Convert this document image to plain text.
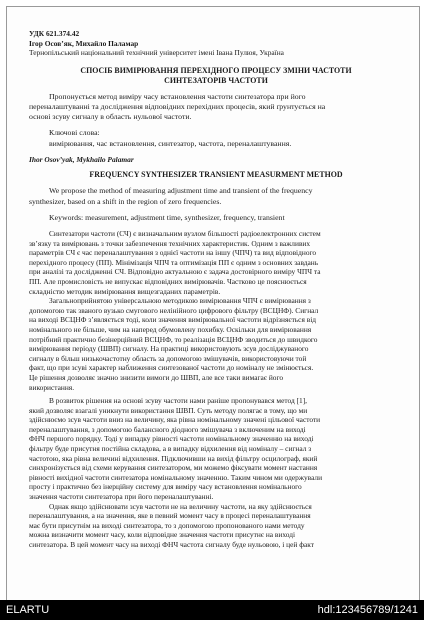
УДК 621.374.42
Ігор Осов’як, Михайло Паламар
Тернопільський національний технічний університет імені Івана Пулюя, Україна
СПОСІБ ВИМІРЮВАННЯ ПЕРЕХІДНОГО ПРОЦЕСУ ЗМІНИ ЧАСТОТИ
СИНТЕЗАТОРІВ ЧАСТОТИ
Пропонується метод виміру часу встановлення частоти синтезатора при його
переналаштуванні та дослідження відповідних перехідних процесів, який ґрунтується на
основі зсуву сигналу в область нульової частоти.
Ключові слова:
вимірювання, час встановлення, синтезатор, частота, переналаштування.
Ihor Osov’yak, Mykhailo Palamar
FREQUENCY SYNTHESIZER TRANSIENT MEASURMENT METHOD
We propose the method of measuring adjustment time and transient of the frequency
synthesizer, based on a shift in the region of zero frequencies.
Keywords: measurement, adjustment time, synthesizer, frequency, transient
Синтезатори частоти (СЧ) є визначальним вузлом більшості радіоелектронних систем
зв’язку та вимірювань з точки забезпечення технічних характеристик. Одним з важливих
параметрів СЧ є час переналаштування з однієї частоти на іншу (ЧПЧ) та вид відповідного
перехідного процесу (ПП). Мінімізація ЧПЧ та оптимізація ПП є одним з основних завдань
при аналізі та дослідженні СЧ. Відповідно актуальною є задача достовірного виміру ЧПЧ та
ПП. Але промисловість не випускає відповідних вимірювачів. Частково це пояснюється
складністю методик вимірювання вищезгаданих параметрів.
Загальноприйнятою універсальною методикою вимірювання ЧПЧ є вимірювання з
допомогою так званого вузько смугового нелінійного цифрового фільтру (ВСЦНФ). Сигнал
на виході ВСЦНФ з’являється тоді, коли значення вимірювальної частоти відрізняється від
номінального не більше, чим на наперед обумовлену похибку. Оскільки для вимірювання
потрібний практично безінерційний ВСЦНФ, то реалізація ВСЦНФ зводиться до швидкого
вимірювання періоду (ШВП) сигналу. На практиці використовують зсув досліджуваного
сигналу в більш низькочастотну область за допомогою змішувачів, використовуючи той
факт, що при зсуві характер наближення синтезованої частоти до номіналу не змінюється.
Це рішення дозволяє значно знизити вимоги до ШВП, але все таки вимагає його
використання.
В розвиток рішення на основі зсуву частоти нами раніше пропонувався метод [1],
який дозволяє взагалі уникнути використання ШВП. Суть методу полягає в тому, що ми
здійснюємо зсув частоти вниз на величину, яка рівна номінальному значені цільової частоти
переналаштування, з допомогою балансного діодного змішувача з включеним на виході
ФНЧ першого порядку. Тоді у випадку рівності частоти номінальному значенню на виході
фільтру буде присутня постійна складова, а в випадку відхилення від номіналу – сигнал з
частотою, яка рівна величині відхилення. Підключивши на вихід фільтру осцилограф, який
синхронізується від схеми керування синтезатором, ми можемо фіксувати момент настання
рівності вихідної частоти синтезатора номінальному значенню. Таким чином ми одержували
просту і практично без інерційну систему для виміру часу встановлення номінального
значення частоти синтезатора при його переналаштуванні.
Однак якщо здійснювати зсув частоти не на величину частоти, на яку здійснюється
переналаштування, а на значення, яке в певний момент часу в процесі переналаштування
має бути присутнім на виході синтезатора, то з допомогою пропонованого нами методу
можна визначити момент часу, коли відповідне значення частоти присутнє на виході
синтезатора. В цей момент часу на виході ФНЧ частота сигналу буде нульовою, і цей факт
ELARTU	hdl:123456789/1241
